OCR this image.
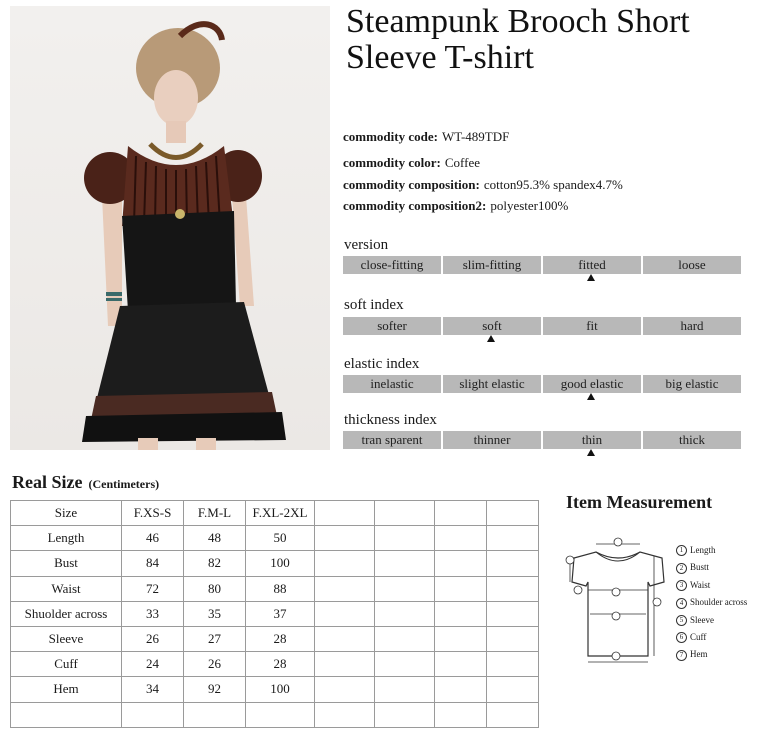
Steampunk Brooch Short Sleeve T-shirt
commodity code: WT-489TDF
commodity color: Coffee
commodity composition: cotton95.3% spandex4.7%
commodity composition2: polyester100%
version
close-fitting	slim-fitting	fitted	loose
soft index
softer	soft	fit	hard
elastic index
inelastic	slight elastic	good elastic	big elastic
thickness index
tran sparent	thinner	thin	thick
Real Size (Centimeters)
Size	F.XS-S	F.M-L	F.XL-2XL				
Length	46	48	50				
Bust	84	82	100				
Waist	72	80	88				
Shuolder across	33	35	37				
Sleeve	26	27	28				
Cuff	24	26	28				
Hem	34	92	100				

Item Measurement
1 Length
2 Bustt
3 Waist
4 Shoulder across
5 Sleeve
6 Cuff
7 Hem
